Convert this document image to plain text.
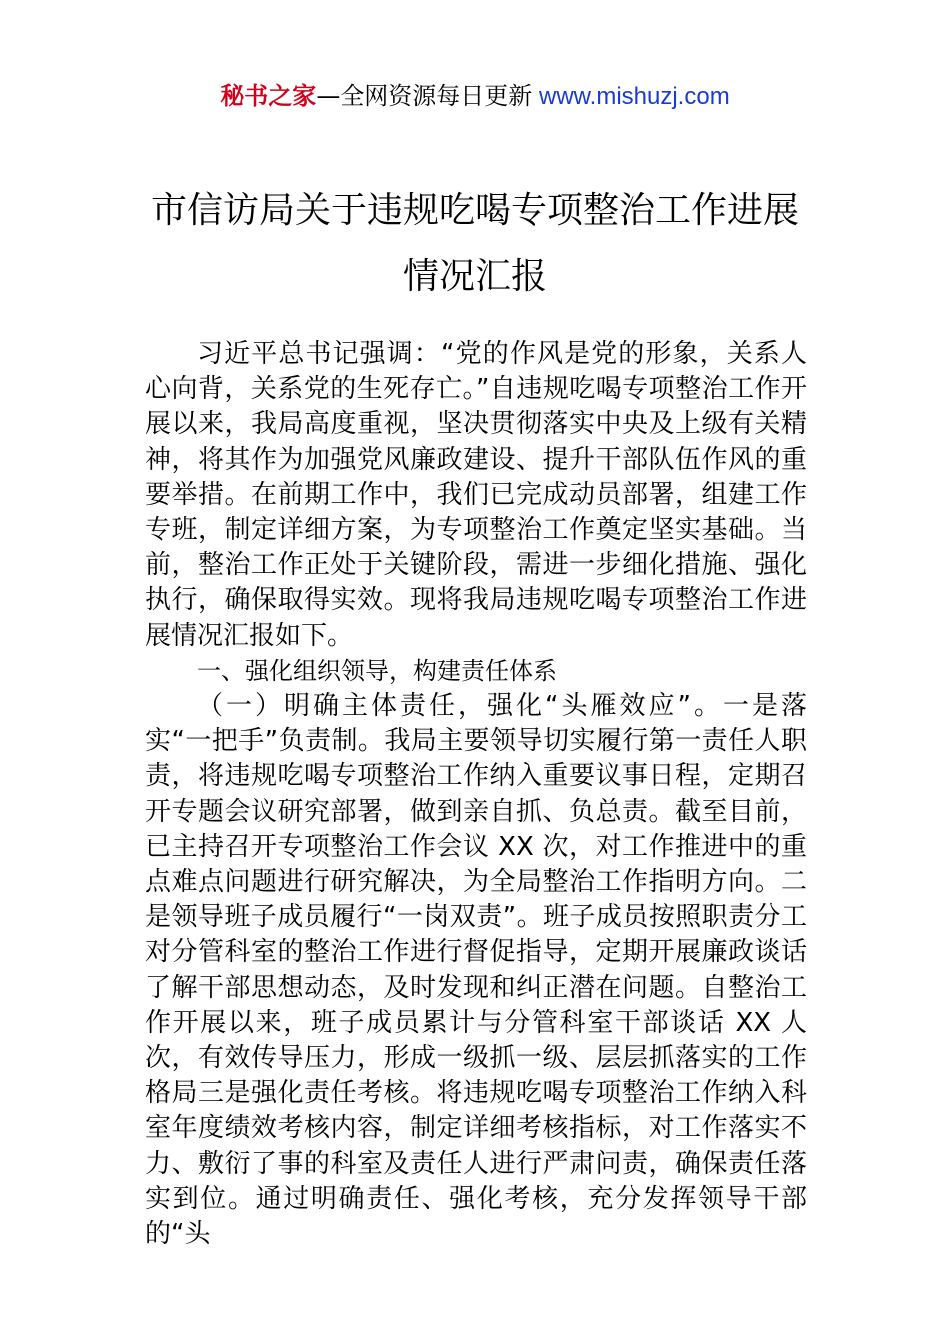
秘书之家—全网资源每日更新 www.mishuzj.com
市信访局关于违规吃喝专项整治工作进展
情况汇报

习近平总书记强调：“党的作风是党的形象，关系人心向背，关系党的生死存亡。”自违规吃喝专项整治工作开展以来，我局高度重视，坚决贯彻落实中央及上级有关精神，将其作为加强党风廉政建设、提升干部队伍作风的重要举措。在前期工作中，我们已完成动员部署，组建工作专班，制定详细方案，为专项整治工作奠定坚实基础。当前，整治工作正处于关键阶段，需进一步细化措施、强化执行，确保取得实效。现将我局违规吃喝专项整治工作进展情况汇报如下。

一、强化组织领导，构建责任体系

（一）明确主体责任，强化“头雁效应”。一是落实“一把手”负责制。我局主要领导切实履行第一责任人职责，将违规吃喝专项整治工作纳入重要议事日程，定期召开专题会议研究部署，做到亲自抓、负总责。截至目前，已主持召开专项整治工作会议 XX 次，对工作推进中的重点难点问题进行研究解决，为全局整治工作指明方向。二是领导班子成员履行“一岗双责”。班子成员按照职责分工对分管科室的整治工作进行督促指导，定期开展廉政谈话了解干部思想动态，及时发现和纠正潜在问题。自整治工作开展以来，班子成员累计与分管科室干部谈话 XX 人次，有效传导压力，形成一级抓一级、层层抓落实的工作格局三是强化责任考核。将违规吃喝专项整治工作纳入科室年度绩效考核内容，制定详细考核指标，对工作落实不力、敷衍了事的科室及责任人进行严肃问责，确保责任落实到位。通过明确责任、强化考核，充分发挥领导干部的“头
